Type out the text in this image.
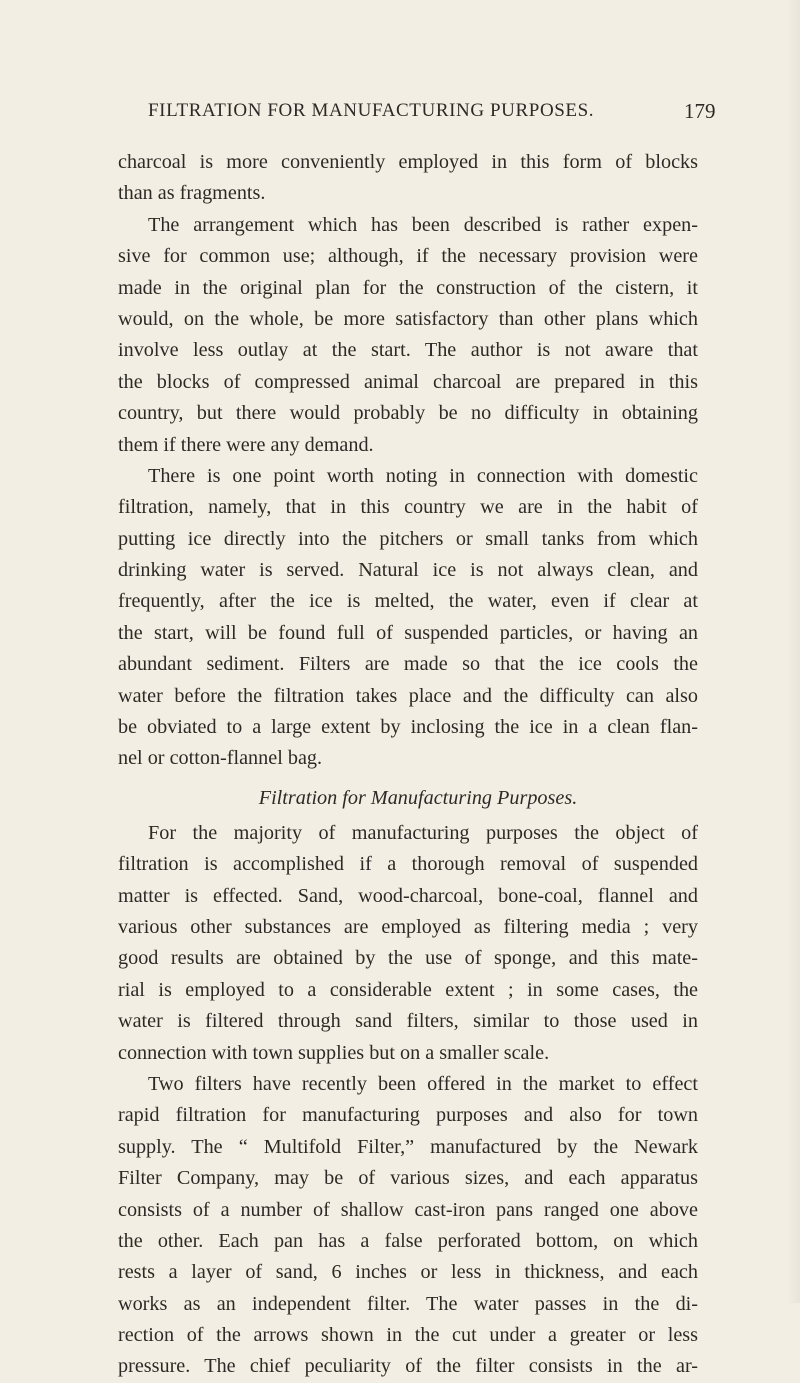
FILTRATION FOR MANUFACTURING PURPOSES.	179
charcoal is more conveniently employed in this form of blocks
than as fragments.
The arrangement which has been described is rather expen-
sive for common use; although, if the necessary provision were
made in the original plan for the construction of the cistern, it
would, on the whole, be more satisfactory than other plans which
involve less outlay at the start. The author is not aware that
the blocks of compressed animal charcoal are prepared in this
country, but there would probably be no difficulty in obtaining
them if there were any demand.
There is one point worth noting in connection with domestic
filtration, namely, that in this country we are in the habit of
putting ice directly into the pitchers or small tanks from which
drinking water is served. Natural ice is not always clean, and
frequently, after the ice is melted, the water, even if clear at
the start, will be found full of suspended particles, or having an
abundant sediment. Filters are made so that the ice cools the
water before the filtration takes place and the difficulty can also
be obviated to a large extent by inclosing the ice in a clean flan-
nel or cotton-flannel bag.
Filtration for Manufacturing Purposes.
For the majority of manufacturing purposes the object of
filtration is accomplished if a thorough removal of suspended
matter is effected. Sand, wood-charcoal, bone-coal, flannel and
various other substances are employed as filtering media ; very
good results are obtained by the use of sponge, and this mate-
rial is employed to a considerable extent ; in some cases, the
water is filtered through sand filters, similar to those used in
connection with town supplies but on a smaller scale.
Two filters have recently been offered in the market to effect
rapid filtration for manufacturing purposes and also for town
supply. The “ Multifold Filter,” manufactured by the Newark
Filter Company, may be of various sizes, and each apparatus
consists of a number of shallow cast-iron pans ranged one above
the other. Each pan has a false perforated bottom, on which
rests a layer of sand, 6 inches or less in thickness, and each
works as an independent filter. The water passes in the di-
rection of the arrows shown in the cut under a greater or less
pressure. The chief peculiarity of the filter consists in the ar-
